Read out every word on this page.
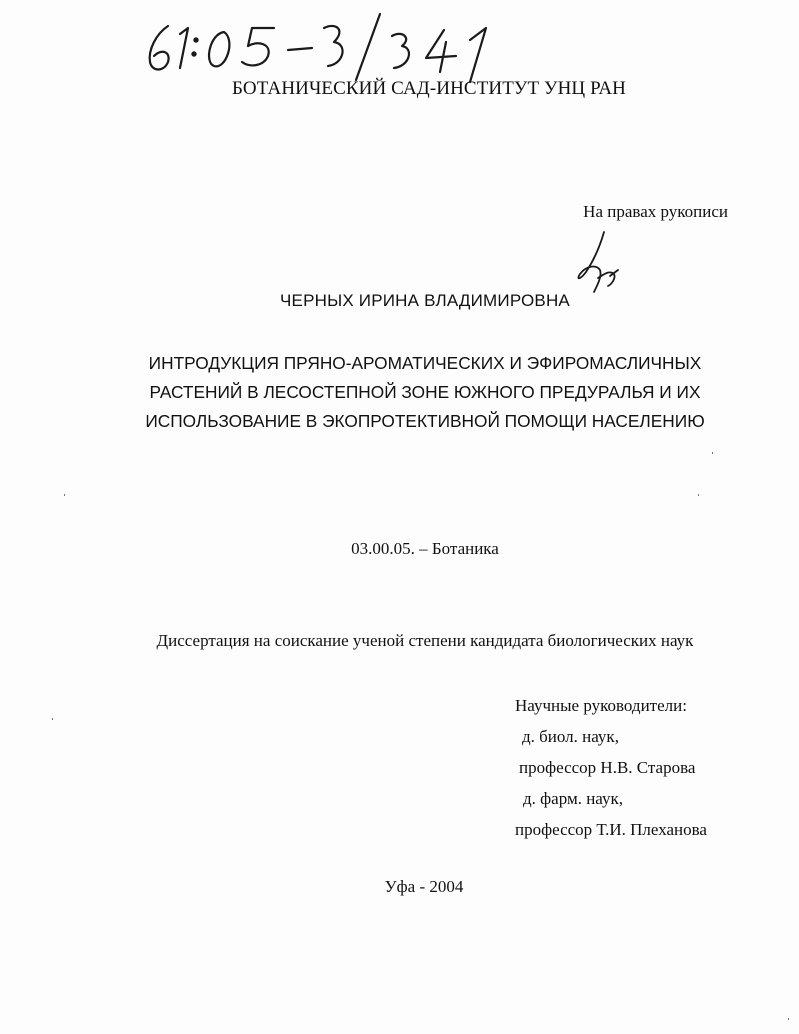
БОТАНИЧЕСКИЙ САД-ИНСТИТУТ УНЦ РАН
На правах рукописи
ЧЕРНЫХ ИРИНА ВЛАДИМИРОВНА
ИНТРОДУКЦИЯ ПРЯНО-АРОМАТИЧЕСКИХ И ЭФИРОМАСЛИЧНЫХ
РАСТЕНИЙ В ЛЕСОСТЕПНОЙ ЗОНЕ ЮЖНОГО ПРЕДУРАЛЬЯ И ИХ
ИСПОЛЬЗОВАНИЕ В ЭКОПРОТЕКТИВНОЙ ПОМОЩИ НАСЕЛЕНИЮ
03.00.05. – Ботаника
Диссертация на соискание ученой степени кандидата биологических наук
Научные руководители:
д. биол. наук,
профессор Н.В. Старова
д. фарм. наук,
профессор Т.И. Плеханова
Уфа - 2004
